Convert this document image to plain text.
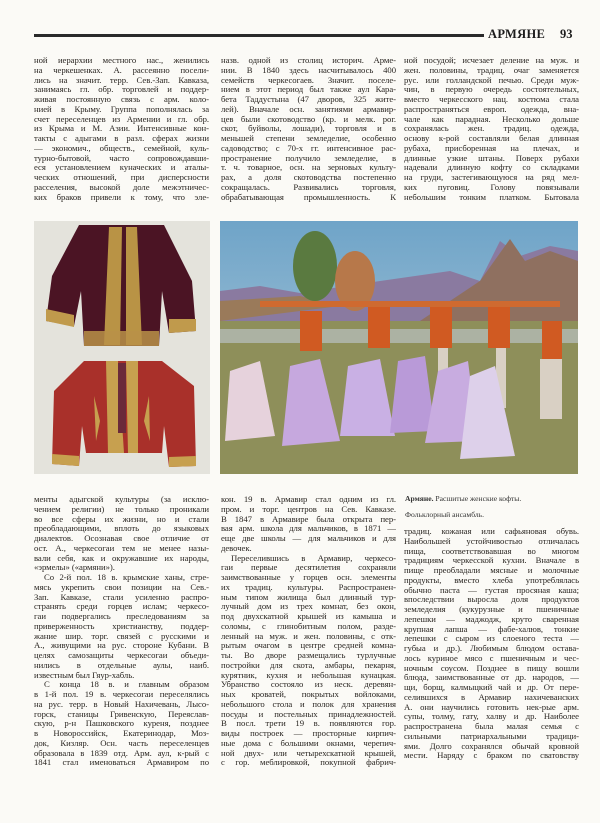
АРМЯНЕ 93
ной иерархии местного нас., женились
на черкешенках. А. рассеянно посели-
лись на значит. терр. Сев.-Зап. Кавказа,
занимаясь гл. обр. торговлей и поддер-
живая постоянную связь с арм. коло-
нией в Крыму. Группа пополнялась за
счет переселенцев из Армении и гл. обр.
из Крыма и М. Азии. Интенсивные кон-
такты с адыгами в разл. сферах жизни
— экономич., обществ., семейной, куль-
турно-бытовой, часто сопровождавши-
еся установлением куначеских и аталы-
ческих отношений, при дисперсности
расселения, высокой доле межэтничес-
ких браков привели к тому, что эле-
назв. одной из столиц историч. Арме-
нии. В 1840 здесь насчитывалось 400
семейств черкесогаев. Значит. поселе-
нием в этот период был также аул Кара-
бета Таддустына (47 дворов, 325 жите-
лей). Вначале осн. занятиями армавир-
цев были скотоводство (кр. и мелк. рог.
скот, буйволы, лошади), торговля и в
меньшей степени земледелие, особенно
садоводство; с 70-х гг. интенсивное рас-
пространение получило земледелие, в
т. ч. товарное, осн. на зерновых культу-
рах, а доля скотоводства постепенно
сокращалась. Развивались торговля,
обрабатывающая промышленность. К
ной посудой; исчезает деление на муж. и
жен. половины, традиц. очаг заменяется
рус. или голландской печью. Среди муж-
чин, в первую очередь состоятельных,
вместо черкесского нац. костюма стала
распространяться европ. одежда, вна-
чале как парадная. Несколько дольше
сохранялась жен. традиц. одежда,
основу к-рой составляли белая длинная
рубаха, присборенная на плечах, и
длинные узкие штаны. Поверх рубахи
надевали длинную кофту со складками
на груди, застегивающуюся на ряд мел-
ких пуговиц. Голову повязывали
небольшим тонким платком. Бытовала
Армяне. Расшитые женские кофты.
Фольклорный ансамбль.
менты адыгской культуры (за исклю-
чением религии) не только проникали
во все сферы их жизни, но и стали
преобладающими, вплоть до языковых
диалектов. Осознавая свое отличие от
ост. А., черкесогаи тем не менее назы-
вали себя, как и окружавшие их народы,
«эрмелы» («армяни»).
Со 2-й пол. 18 в. крымские ханы, стре-
мясь укрепить свои позиции на Сев.-
Зап. Кавказе, стали усиленно распро-
странять среди горцев ислам; черкесо-
гаи подвергались преследованиям за
приверженность христианству, поддер-
жание шир. торг. связей с русскими и
А., живущими на рус. стороне Кубани. В
целях самозащиты черкесогаи объеди-
нились в отдельные аулы, наиб.
известным был Гяур-хабль.
С конца 18 в. и главным образом
в 1-й пол. 19 в. черкесогаи переселялись
на рус. терр. в Новый Нахичевань, Лысо-
горск, станицы Гривенскую, Переяслав-
скую, р-н Пашковского куреня, позднее
в Новороссийск, Екатеринодар, Моз-
док, Кизляр. Осн. часть переселенцев
образовала в 1839 отд. Арм. аул, к-рый с
1841 стал именоваться Армавиром по
кон. 19 в. Армавир стал одним из гл.
пром. и торг. центров на Сев. Кавказе.
В 1847 в Армавире была открыта пер-
вая арм. школа для мальчиков, в 1871 —
еще две школы — для мальчиков и для
девочек.
Переселившись в Армавир, черкесо-
гаи первые десятилетия сохраняли
заимствованные у горцев осн. элементы
их традиц. культуры. Распространен-
ным типом жилища был длинный тур-
лучный дом из трех комнат, без окон,
под двухскатной крышей из камыша и
соломы, с глинобитным полом, разде-
ленный на муж. и жен. половины, с отк-
рытым очагом в центре средней комна-
ты. Во дворе размещались турлучные
постройки для скота, амбары, пекарня,
курятник, кухня и небольшая кунацкая.
Убранство состояло из неск. деревян-
ных кроватей, покрытых войлоками,
небольшого стола и полок для хранения
посуды и постельных принадлежностей.
В посл. трети 19 в. появляются гор.
виды построек — просторные кирпич-
ные дома с большими окнами, черепич-
ной двух- или четырехскатной крышей,
с гор. меблировкой, покупной фабрич-
традиц. кожаная или сафьяновая обувь.
Наибольшей устойчивостью отличалась
пища, соответствовавшая во многом
традициям черкесской кухни. Вначале в
пище преобладали мясные и молочные
продукты, вместо хлеба употреблялась
обычно паста — густая просяная каша;
впоследствии выросла доля продуктов
земледелия (кукурузные и пшеничные
лепешки — маджодж, круто сваренная
крупная лапша — фабе-халюв, тонкие
лепешки с сыром из слоеного теста —
губыа и др.). Любимым блюдом остава-
лось куриное мясо с пшеничным и чес-
ночным соусом. Позднее в пищу вошли
блюда, заимствованные от др. народов, —
щи, борщ, калмыцкий чай и др. От пере-
селившихся в Армавир нахичеванских
А. они научились готовить нек-рые арм.
супы, толму, гату, халву и др. Наиболее
распространена была малая семья с
сильными патриархальными традици-
ями. Долго сохранялся обычай кровной
мести. Наряду с браком по сватовству
